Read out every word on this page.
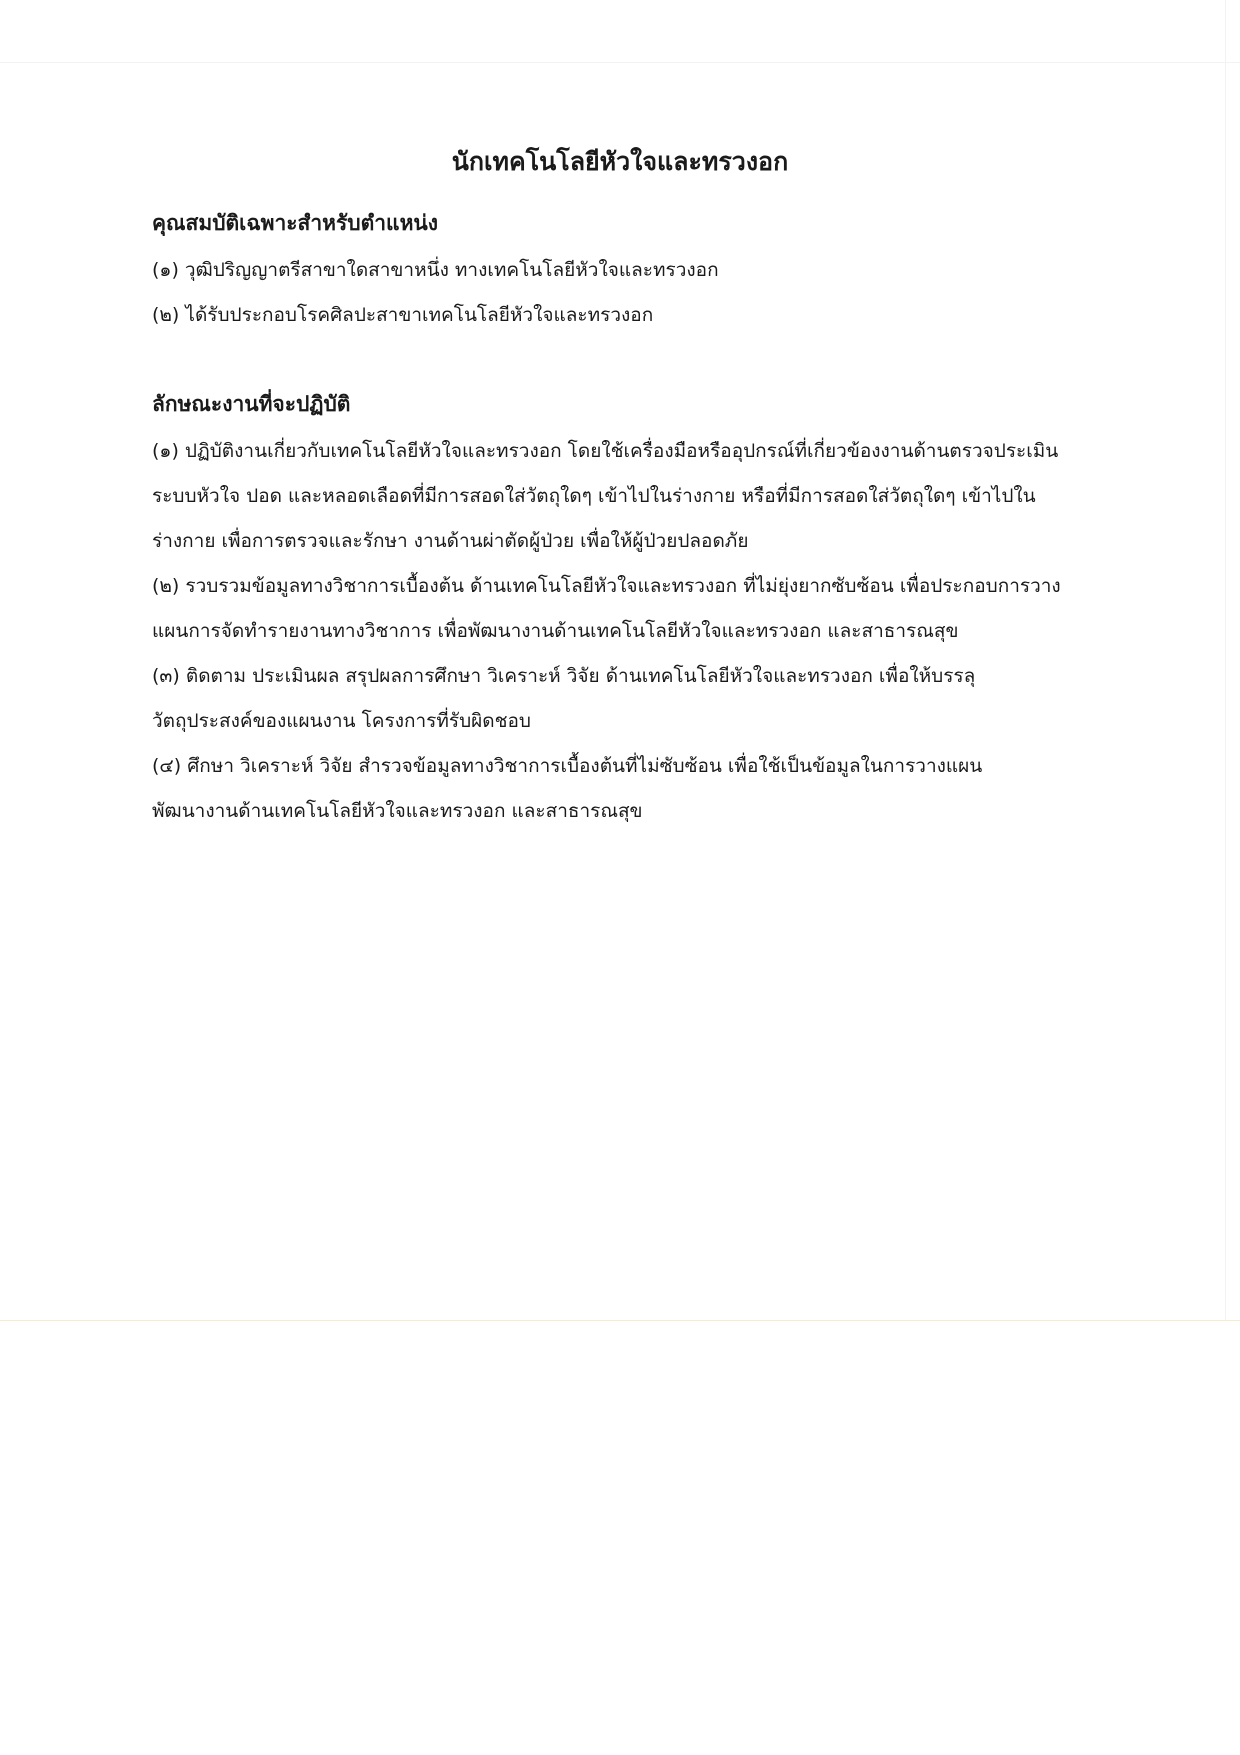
นักเทคโนโลยีหัวใจและทรวงอก
คุณสมบัติเฉพาะสำหรับตำแหน่ง

(๑) วุฒิปริญญาตรีสาขาใดสาขาหนึ่ง ทางเทคโนโลยีหัวใจและทรวงอก

(๒) ได้รับประกอบโรคศิลปะสาขาเทคโนโลยีหัวใจและทรวงอก

ลักษณะงานที่จะปฏิบัติ

(๑) ปฏิบัติงานเกี่ยวกับเทคโนโลยีหัวใจและทรวงอก โดยใช้เครื่องมือหรืออุปกรณ์ที่เกี่ยวข้องงานด้านตรวจประเมิน
ระบบหัวใจ ปอด และหลอดเลือดที่มีการสอดใส่วัตถุใดๆ เข้าไปในร่างกาย หรือที่มีการสอดใส่วัตถุใดๆ เข้าไปใน
ร่างกาย เพื่อการตรวจและรักษา งานด้านผ่าตัดผู้ป่วย เพื่อให้ผู้ป่วยปลอดภัย

(๒) รวบรวมข้อมูลทางวิชาการเบื้องต้น ด้านเทคโนโลยีหัวใจและทรวงอก ที่ไม่ยุ่งยากซับซ้อน เพื่อประกอบการวาง
แผนการจัดทำรายงานทางวิชาการ เพื่อพัฒนางานด้านเทคโนโลยีหัวใจและทรวงอก และสาธารณสุข

(๓) ติดตาม ประเมินผล สรุปผลการศึกษา วิเคราะห์ วิจัย ด้านเทคโนโลยีหัวใจและทรวงอก เพื่อให้บรรลุ
วัตถุประสงค์ของแผนงาน โครงการที่รับผิดชอบ

(๔) ศึกษา วิเคราะห์ วิจัย สำรวจข้อมูลทางวิชาการเบื้องต้นที่ไม่ซับซ้อน เพื่อใช้เป็นข้อมูลในการวางแผน
พัฒนางานด้านเทคโนโลยีหัวใจและทรวงอก และสาธารณสุข
